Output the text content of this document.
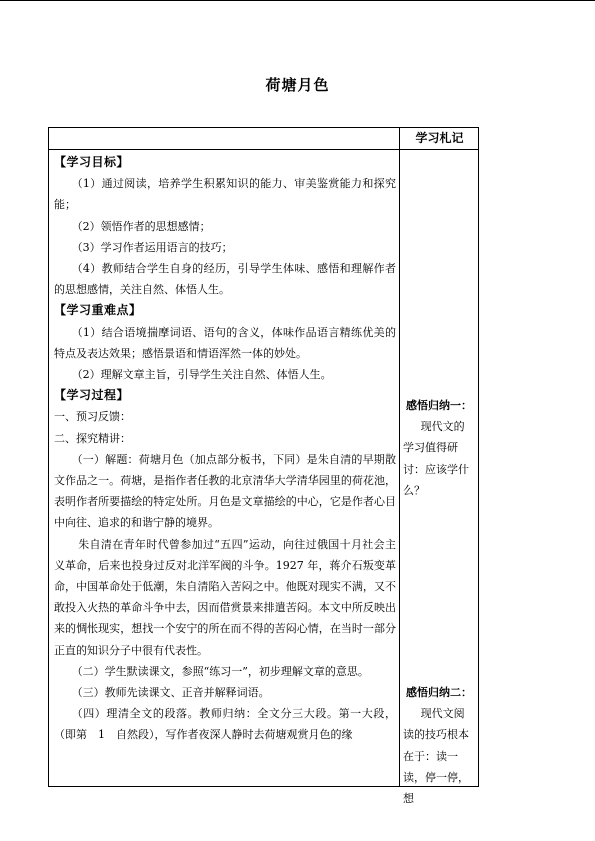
荷塘月色
学习札记

【学习目标】

（1）通过阅读，培养学生积累知识的能力、审美鉴赏能力和探究能；

（2）领悟作者的思想感情；

（3）学习作者运用语言的技巧；

（4）教师结合学生自身的经历，引导学生体味、感悟和理解作者的思想感情，关注自然、体悟人生。

【学习重难点】

（1）结合语境揣摩词语、语句的含义，体味作品语言精练优美的特点及表达效果；感悟景语和情语浑然一体的妙处。

（2）理解文章主旨，引导学生关注自然、体悟人生。

【学习过程】

一、预习反馈：

二、探究精讲：

（一）解题：荷塘月色（加点部分板书，下同）是朱自清的早期散文作品之一。荷塘，是指作者任教的北京清华大学清华园里的荷花池，表明作者所要描绘的特定处所。月色是文章描绘的中心，它是作者心目中向往、追求的和谐宁静的境界。

朱自清在青年时代曾参加过“五四”运动，向往过俄国十月社会主义革命，后来也投身过反对北洋军阀的斗争。1927 年，蒋介石叛变革命，中国革命处于低潮，朱自清陷入苦闷之中。他既对现实不满，又不敢投入火热的革命斗争中去，因而借赏景来排遣苦闷。本文中所反映出来的惆怅现实，想找一个安宁的所在而不得的苦闷心情，在当时一部分正直的知识分子中很有代表性。

（二）学生默读课文，参照“练习一”，初步理解文章的意思。

（三）教师先读课文、正音并解释词语。

（四）理清全文的段落。教师归纳：全文分三大段。第一大段，（即第　1　自然段），写作者夜深人静时去荷塘观赏月色的缘

感悟归纳一：

现代文的学习值得研讨：应该学什么？

感悟归纳二：

现代文阅读的技巧根本在于：读一读，停一停，想
